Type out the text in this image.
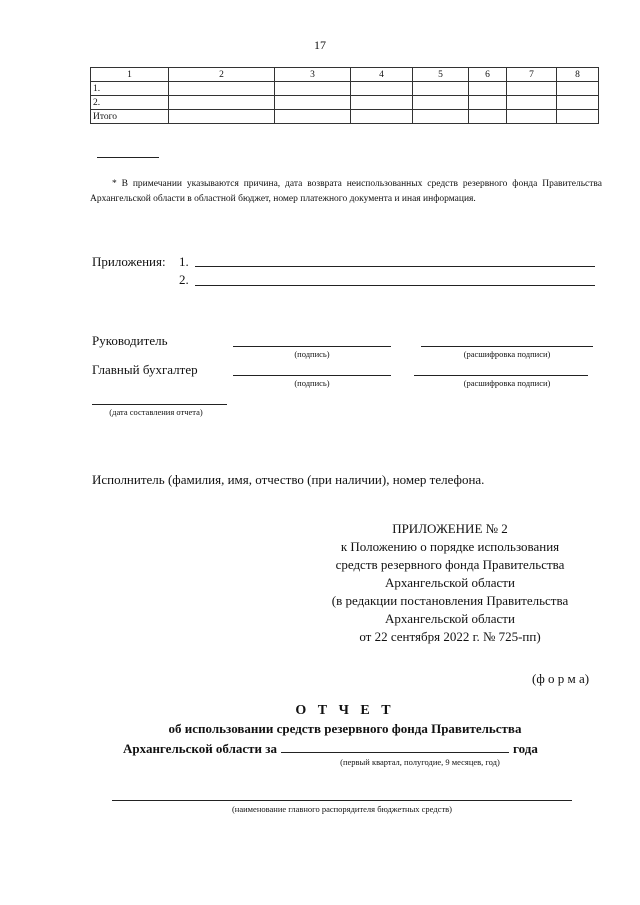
17
1	2	3	4	5	6	7	8
1.							
2.							
Итого							
* В примечании указываются причина, дата возврата неиспользованных средств резервного фонда Правительства Архангельской области в областной бюджет, номер платежного документа и иная информация.
Приложения: 1.
2.
Руководитель
(подпись)	(расшифровка подписи)
Главный бухгалтер
(подпись)	(расшифровка подписи)
(дата составления отчета)
Исполнитель (фамилия, имя, отчество (при наличии), номер телефона.
ПРИЛОЖЕНИЕ № 2
к Положению о порядке использования
средств резервного фонда Правительства
Архангельской области
(в редакции постановления Правительства
Архангельской области
от 22 сентября 2022 г. № 725-пп)
(ф о р м а)
О Т Ч Е Т
об использовании средств резервного фонда Правительства
Архангельской области за	года
(первый квартал, полугодие, 9 месяцев, год)
(наименование главного распорядителя бюджетных средств)
